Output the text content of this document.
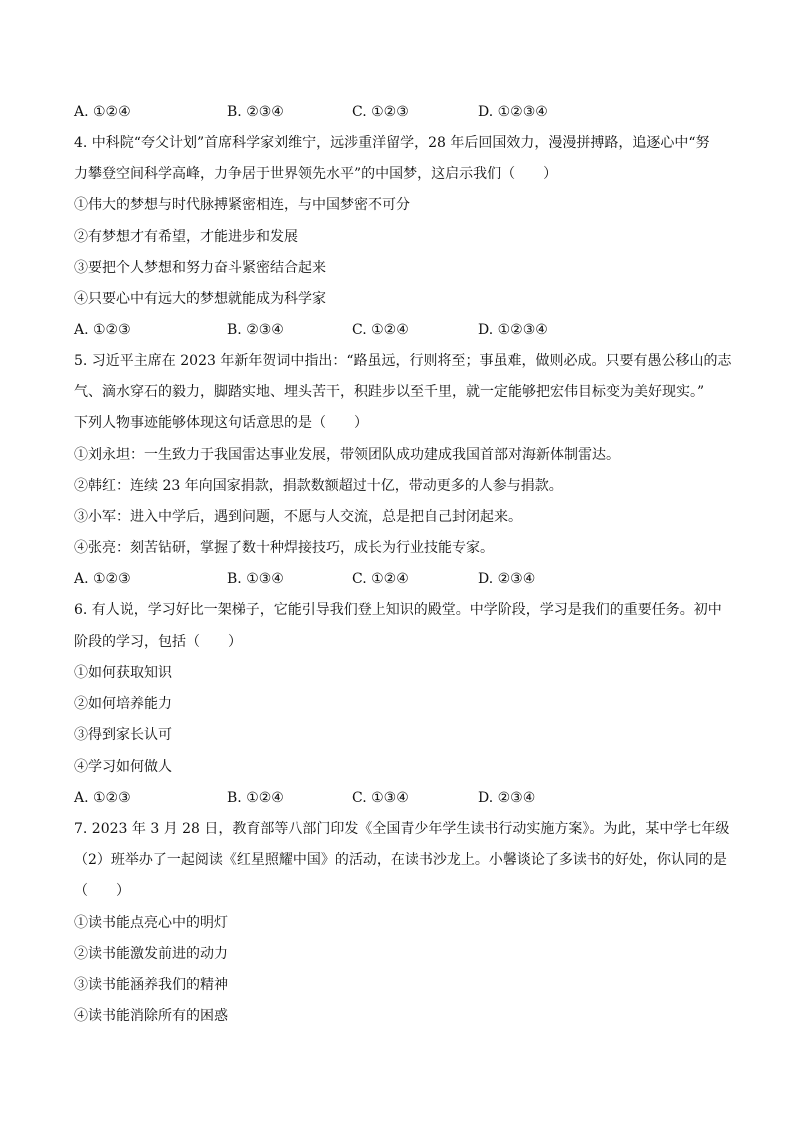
A. ①②④	B. ②③④	C. ①②③	D. ①②③④
4. 中科院“夸父计划”首席科学家刘维宁，远涉重洋留学，28 年后回国效力，漫漫拼搏路，追逐心中“努
力攀登空间科学高峰，力争居于世界领先水平”的中国梦，这启示我们（　　）
①伟大的梦想与时代脉搏紧密相连，与中国梦密不可分
②有梦想才有希望，才能进步和发展
③要把个人梦想和努力奋斗紧密结合起来
④只要心中有远大的梦想就能成为科学家
A. ①②③	B. ②③④	C. ①②④	D. ①②③④
5. 习近平主席在 2023 年新年贺词中指出：“路虽远，行则将至；事虽难，做则必成。只要有愚公移山的志
气、滴水穿石的毅力，脚踏实地、埋头苦干，积跬步以至千里，就一定能够把宏伟目标变为美好现实。”
下列人物事迹能够体现这句话意思的是（　　）
①刘永坦：一生致力于我国雷达事业发展，带领团队成功建成我国首部对海新体制雷达。
②韩红：连续 23 年向国家捐款，捐款数额超过十亿，带动更多的人参与捐款。
③小军：进入中学后，遇到问题，不愿与人交流，总是把自己封闭起来。
④张亮：刻苦钻研，掌握了数十种焊接技巧，成长为行业技能专家。
A. ①②③	B. ①③④	C. ①②④	D. ②③④
6. 有人说，学习好比一架梯子，它能引导我们登上知识的殿堂。中学阶段，学习是我们的重要任务。初中
阶段的学习，包括（　　）
①如何获取知识
②如何培养能力
③得到家长认可
④学习如何做人
A. ①②③	B. ①②④	C. ①③④	D. ②③④
7. 2023 年 3 月 28 日，教育部等八部门印发《全国青少年学生读书行动实施方案》。为此，某中学七年级
（2）班举办了一起阅读《红星照耀中国》的活动，在读书沙龙上。小馨谈论了多读书的好处，你认同的是
（　　）
①读书能点亮心中的明灯
②读书能激发前进的动力
③读书能涵养我们的精神
④读书能消除所有的困惑
